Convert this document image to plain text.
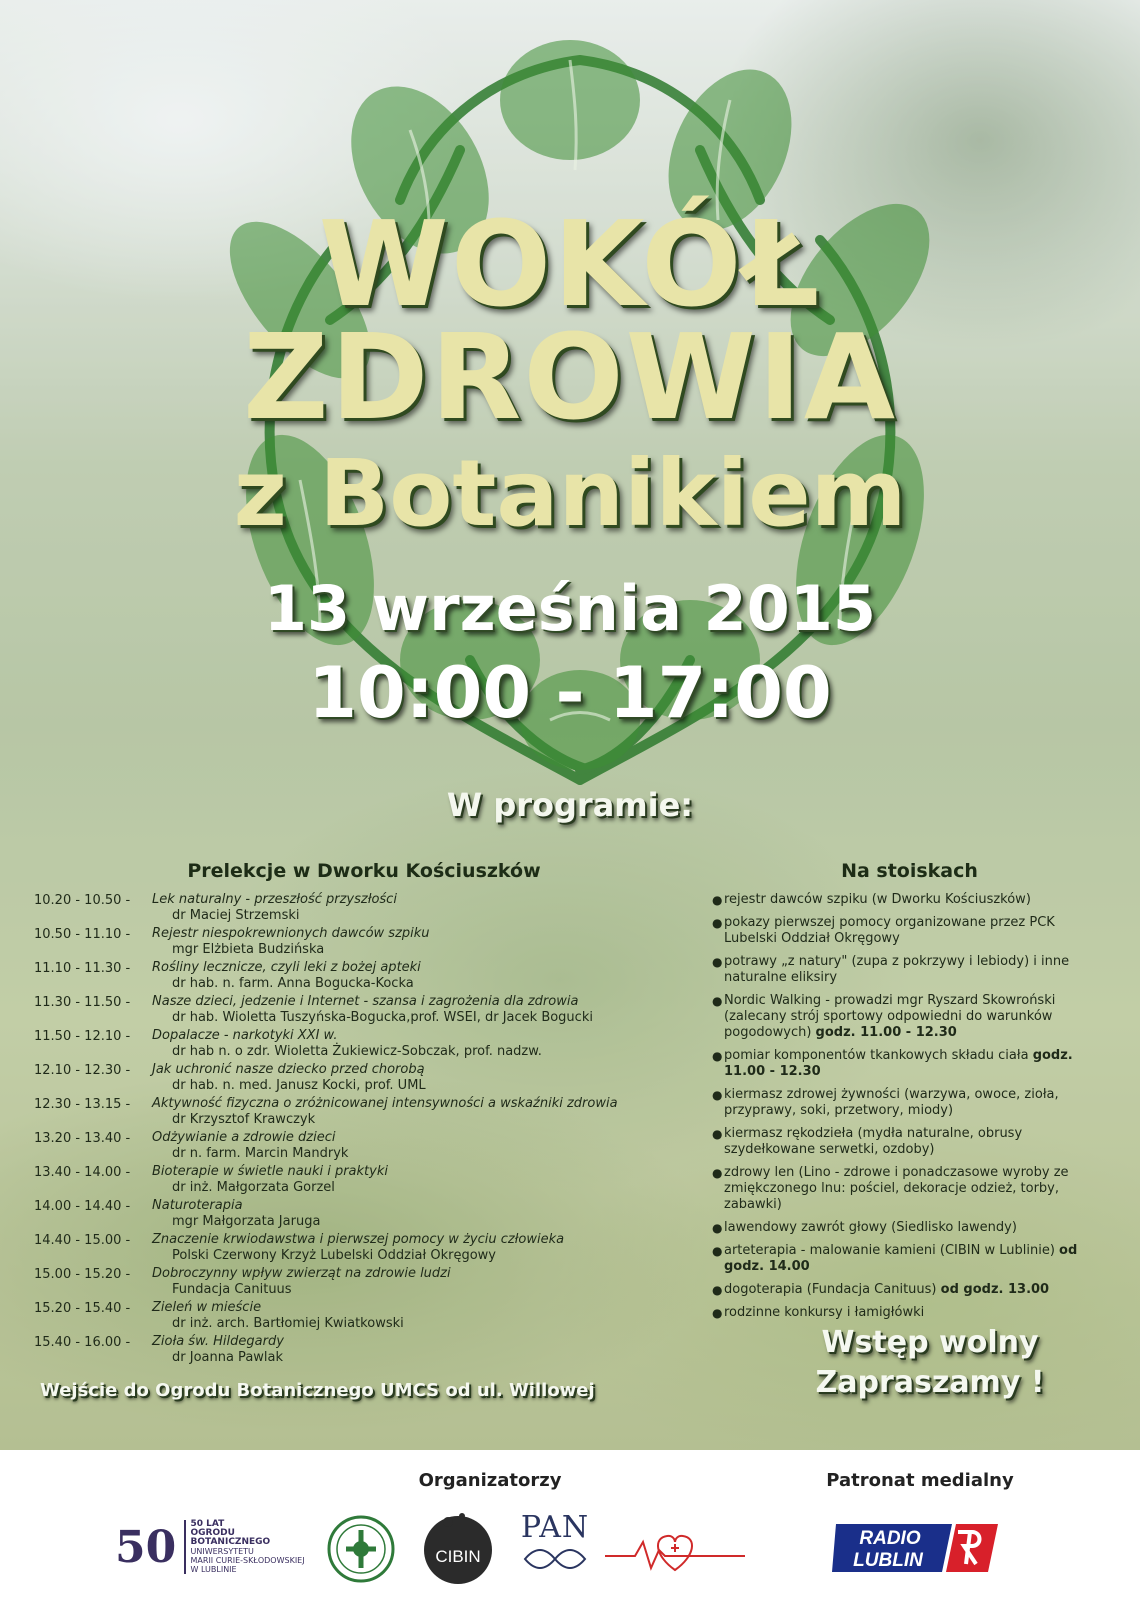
WOKÓŁ
ZDROWIA
z Botanikiem
13 września 2015
10:00 - 17:00
W programie:
Prelekcje w Dworku Kościuszków
10.20 - 10.50 -	Lek naturalny - przeszłość przyszłości
dr Maciej Strzemski
10.50 - 11.10 -	Rejestr niespokrewnionych dawców szpiku
mgr Elżbieta Budzińska
11.10 - 11.30 -	Rośliny lecznicze, czyli leki z bożej apteki
dr hab. n. farm. Anna Bogucka-Kocka
11.30 - 11.50 -	Nasze dzieci, jedzenie i Internet - szansa i zagrożenia dla zdrowia
dr hab. Wioletta Tuszyńska-Bogucka,prof. WSEI, dr Jacek Bogucki
11.50 - 12.10 -	Dopalacze - narkotyki XXI w.
dr hab n. o zdr. Wioletta Żukiewicz-Sobczak, prof. nadzw.
12.10 - 12.30 -	Jak uchronić nasze dziecko przed chorobą
dr hab. n. med. Janusz Kocki, prof. UML
12.30 - 13.15 -	Aktywność fizyczna o zróżnicowanej intensywności a wskaźniki zdrowia
dr Krzysztof Krawczyk
13.20 - 13.40 -	Odżywianie a zdrowie dzieci
dr n. farm. Marcin Mandryk
13.40 - 14.00 -	Bioterapie w świetle nauki i praktyki
dr inż. Małgorzata Gorzel
14.00 - 14.40 -	Naturoterapia
mgr Małgorzata Jaruga
14.40 - 15.00 -	Znaczenie krwiodawstwa i pierwszej pomocy w życiu człowieka
Polski Czerwony Krzyż Lubelski Oddział Okręgowy
15.00 - 15.20 -	Dobroczynny wpływ zwierząt na zdrowie ludzi
Fundacja Canituus
15.20 - 15.40 -	Zieleń w mieście
dr inż. arch. Bartłomiej Kwiatkowski
15.40 - 16.00 -	Zioła św. Hildegardy
dr Joanna Pawlak
Na stoiskach
● rejestr dawców szpiku (w Dworku Kościuszków)
● pokazy pierwszej pomocy organizowane przez PCK Lubelski Oddział Okręgowy
● potrawy „z natury" (zupa z pokrzywy i lebiody) i inne naturalne eliksiry
● Nordic Walking - prowadzi mgr Ryszard Skowroński (zalecany strój sportowy odpowiedni do warunków pogodowych) godz. 11.00 - 12.30
● pomiar komponentów tkankowych składu ciała godz. 11.00 - 12.30
● kiermasz zdrowej żywności (warzywa, owoce, zioła, przyprawy, soki, przetwory, miody)
● kiermasz rękodzieła (mydła naturalne, obrusy szydełkowane serwetki, ozdoby)
● zdrowy len (Lino - zdrowe i ponadczasowe wyroby ze zmiękczonego lnu: pościel, dekoracje odzież, torby, zabawki)
● lawendowy zawrót głowy (Siedlisko lawendy)
● arteterapia - malowanie kamieni (CIBIN w Lublinie) od godz. 14.00
● dogoterapia (Fundacja Canituus) od godz. 13.00
● rodzinne konkursy i łamigłówki
Wstęp wolny
Zapraszamy !
Wejście do Ogrodu Botanicznego UMCS od ul. Willowej
Organizatorzy	Patronat medialny
50	50 LAT
OGRODU BOTANICZNEGO
UNIWERSYTETU
MARII CURIE-SKŁODOWSKIEJ
W LUBLINIE
CIBIN
PAN	RADIO
LUBLIN
